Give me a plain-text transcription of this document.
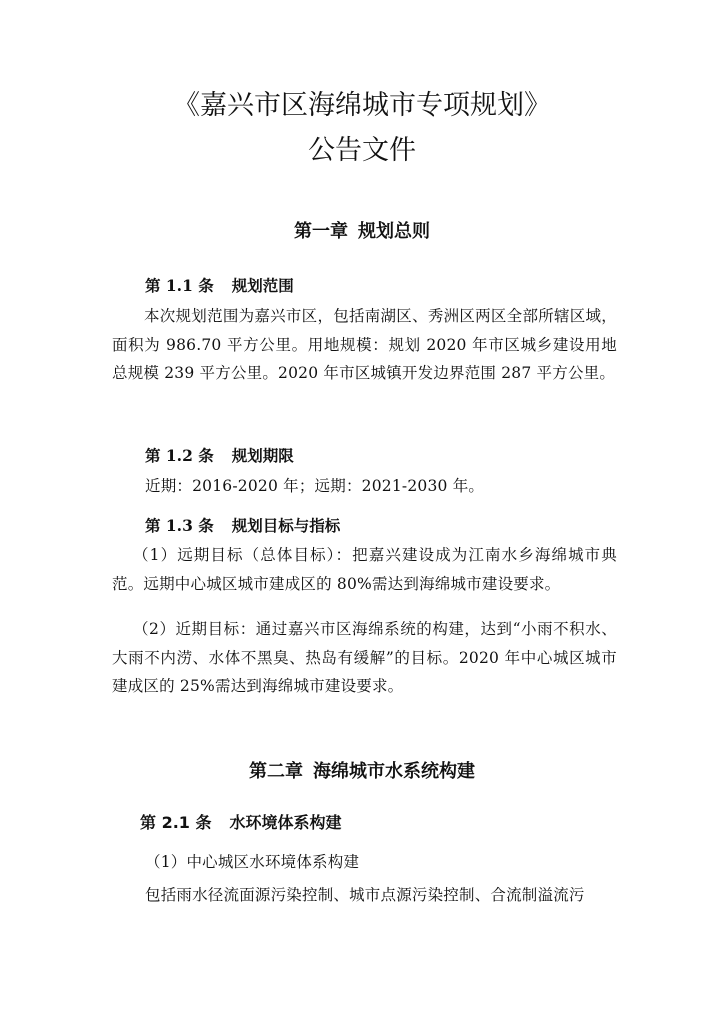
《嘉兴市区海绵城市专项规划》
公告文件
第一章 规划总则
第 1.1 条 规划范围

本次规划范围为嘉兴市区，包括南湖区、秀洲区两区全部所辖区域，面积为 986.70 平方公里。用地规模：规划 2020 年市区城乡建设用地总规模 239 平方公里。2020 年市区城镇开发边界范围 287 平方公里。

第 1.2 条 规划期限

近期：2016-2020 年；远期：2021-2030 年。

第 1.3 条 规划目标与指标

（1）远期目标（总体目标）：把嘉兴建设成为江南水乡海绵城市典范。远期中心城区城市建成区的 80%需达到海绵城市建设要求。

（2）近期目标：通过嘉兴市区海绵系统的构建，达到“小雨不积水、大雨不内涝、水体不黑臭、热岛有缓解”的目标。2020 年中心城区城市建成区的 25%需达到海绵城市建设要求。

第二章 海绵城市水系统构建
第 2.1 条 水环境体系构建

（1）中心城区水环境体系构建

包括雨水径流面源污染控制、城市点源污染控制、合流制溢流污
